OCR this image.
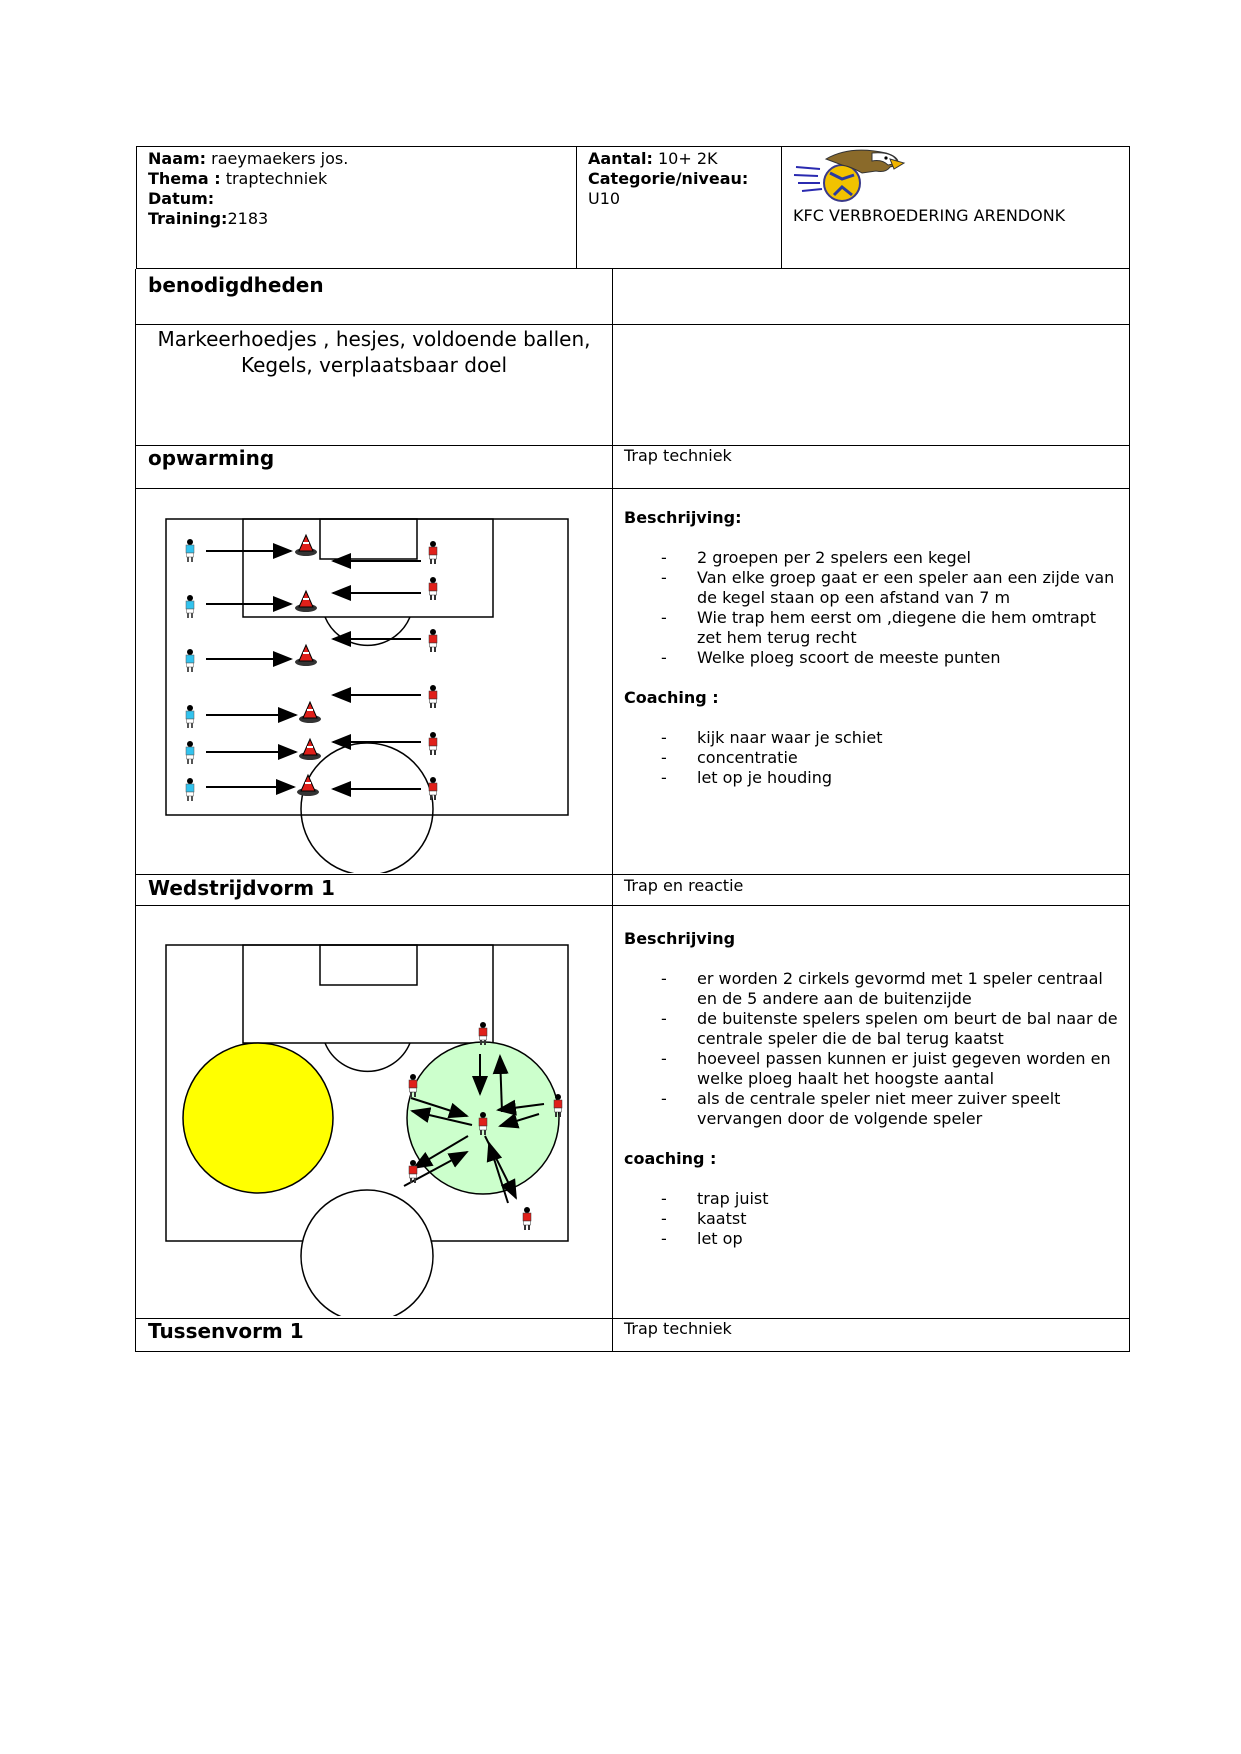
Naam: raeymaekers jos.
Thema : traptechniek
Datum:
Training:2183
Aantal: 10+ 2K
Categorie/niveau:
U10
KFC VERBROEDERING ARENDONK
benodigdheden
Markeerhoedjes , hesjes, voldoende ballen,
Kegels, verplaatsbaar doel
opwarming	Trap techniek
Beschrijving:
- 2 groepen per 2 spelers een kegel
- Van elke groep gaat er een speler aan een zijde van de kegel staan op een afstand van 7 m
- Wie trap hem eerst om ,diegene die hem omtrapt zet hem terug recht
- Welke ploeg scoort de meeste punten
Coaching :
- kijk naar waar je schiet
- concentratie
- let op je houding
Wedstrijdvorm 1	Trap en reactie
Beschrijving
- er worden 2 cirkels gevormd met 1 speler centraal en de 5 andere aan de buitenzijde
- de buitenste spelers spelen om beurt de bal naar de centrale speler die de bal terug kaatst
- hoeveel passen kunnen er juist gegeven worden en welke ploeg haalt het hoogste aantal
- als de centrale speler niet meer zuiver speelt vervangen door de volgende speler
coaching :
- trap juist
- kaatst
- let op
Tussenvorm 1	Trap techniek
